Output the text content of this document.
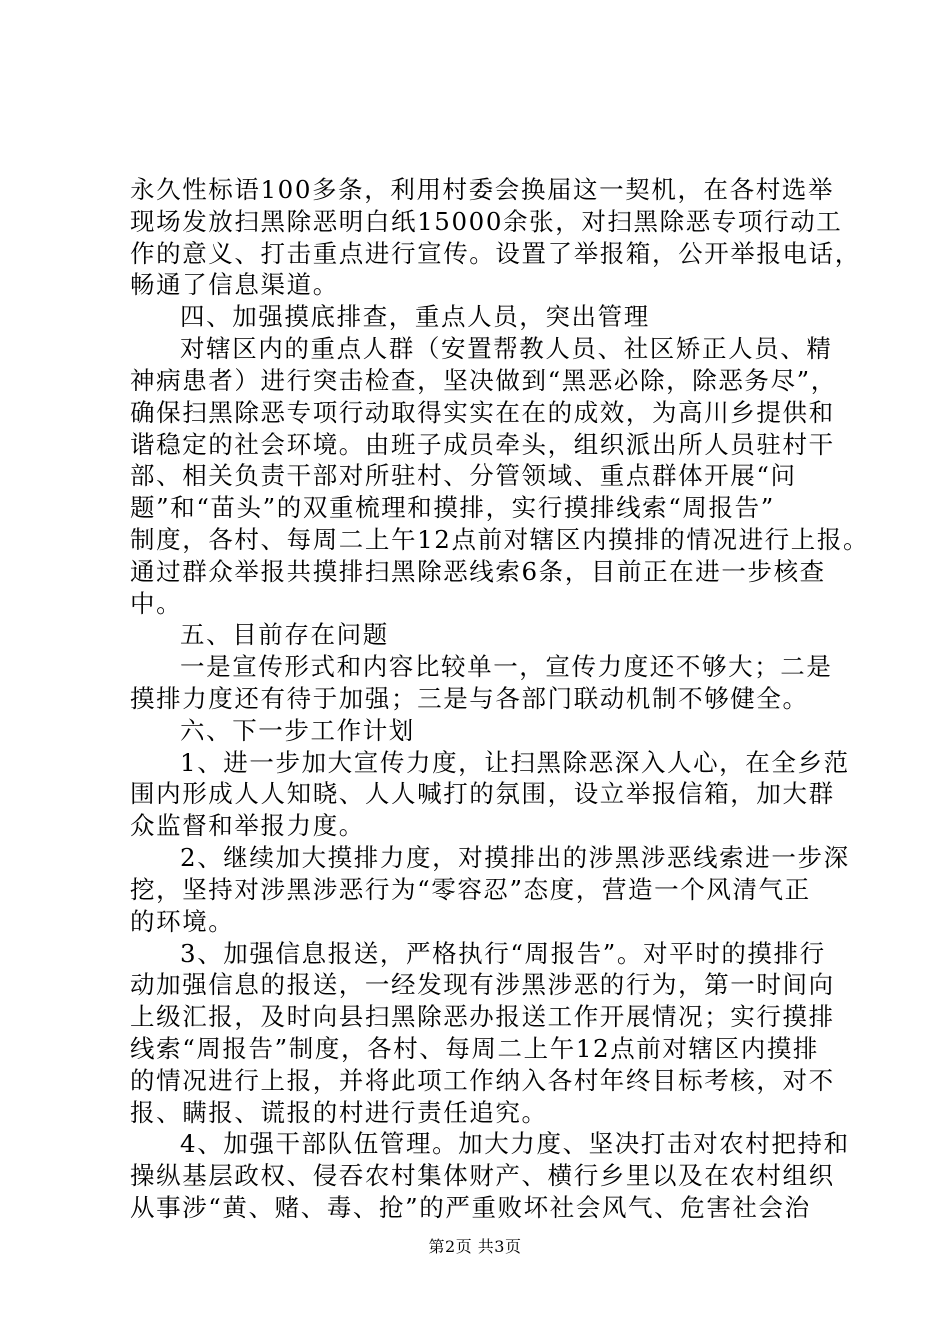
永久性标语100多条，利用村委会换届这一契机，在各村选举
现场发放扫黑除恶明白纸15000余张，对扫黑除恶专项行动工
作的意义、打击重点进行宣传。设置了举报箱，公开举报电话，
畅通了信息渠道。
四、加强摸底排查，重点人员，突出管理
对辖区内的重点人群（安置帮教人员、社区矫正人员、精
神病患者）进行突击检查，坚决做到“黑恶必除，除恶务尽”，
确保扫黑除恶专项行动取得实实在在的成效，为高川乡提供和
谐稳定的社会环境。由班子成员牵头，组织派出所人员驻村干
部、相关负责干部对所驻村、分管领域、重点群体开展“问
题”和“苗头”的双重梳理和摸排，实行摸排线索“周报告”
制度，各村、每周二上午12点前对辖区内摸排的情况进行上报。
通过群众举报共摸排扫黑除恶线索6条，目前正在进一步核查
中。
五、目前存在问题
一是宣传形式和内容比较单一，宣传力度还不够大；二是
摸排力度还有待于加强；三是与各部门联动机制不够健全。
六、下一步工作计划
1、进一步加大宣传力度，让扫黑除恶深入人心，在全乡范
围内形成人人知晓、人人喊打的氛围，设立举报信箱，加大群
众监督和举报力度。
2、继续加大摸排力度，对摸排出的涉黑涉恶线索进一步深
挖，坚持对涉黑涉恶行为“零容忍”态度，营造一个风清气正
的环境。
3、加强信息报送，严格执行“周报告”。对平时的摸排行
动加强信息的报送，一经发现有涉黑涉恶的行为，第一时间向
上级汇报，及时向县扫黑除恶办报送工作开展情况；实行摸排
线索“周报告”制度，各村、每周二上午12点前对辖区内摸排
的情况进行上报，并将此项工作纳入各村年终目标考核，对不
报、瞒报、谎报的村进行责任追究。
4、加强干部队伍管理。加大力度、坚决打击对农村把持和
操纵基层政权、侵吞农村集体财产、横行乡里以及在农村组织
从事涉“黄、赌、毒、抢”的严重败坏社会风气、危害社会治
第2页 共3页
